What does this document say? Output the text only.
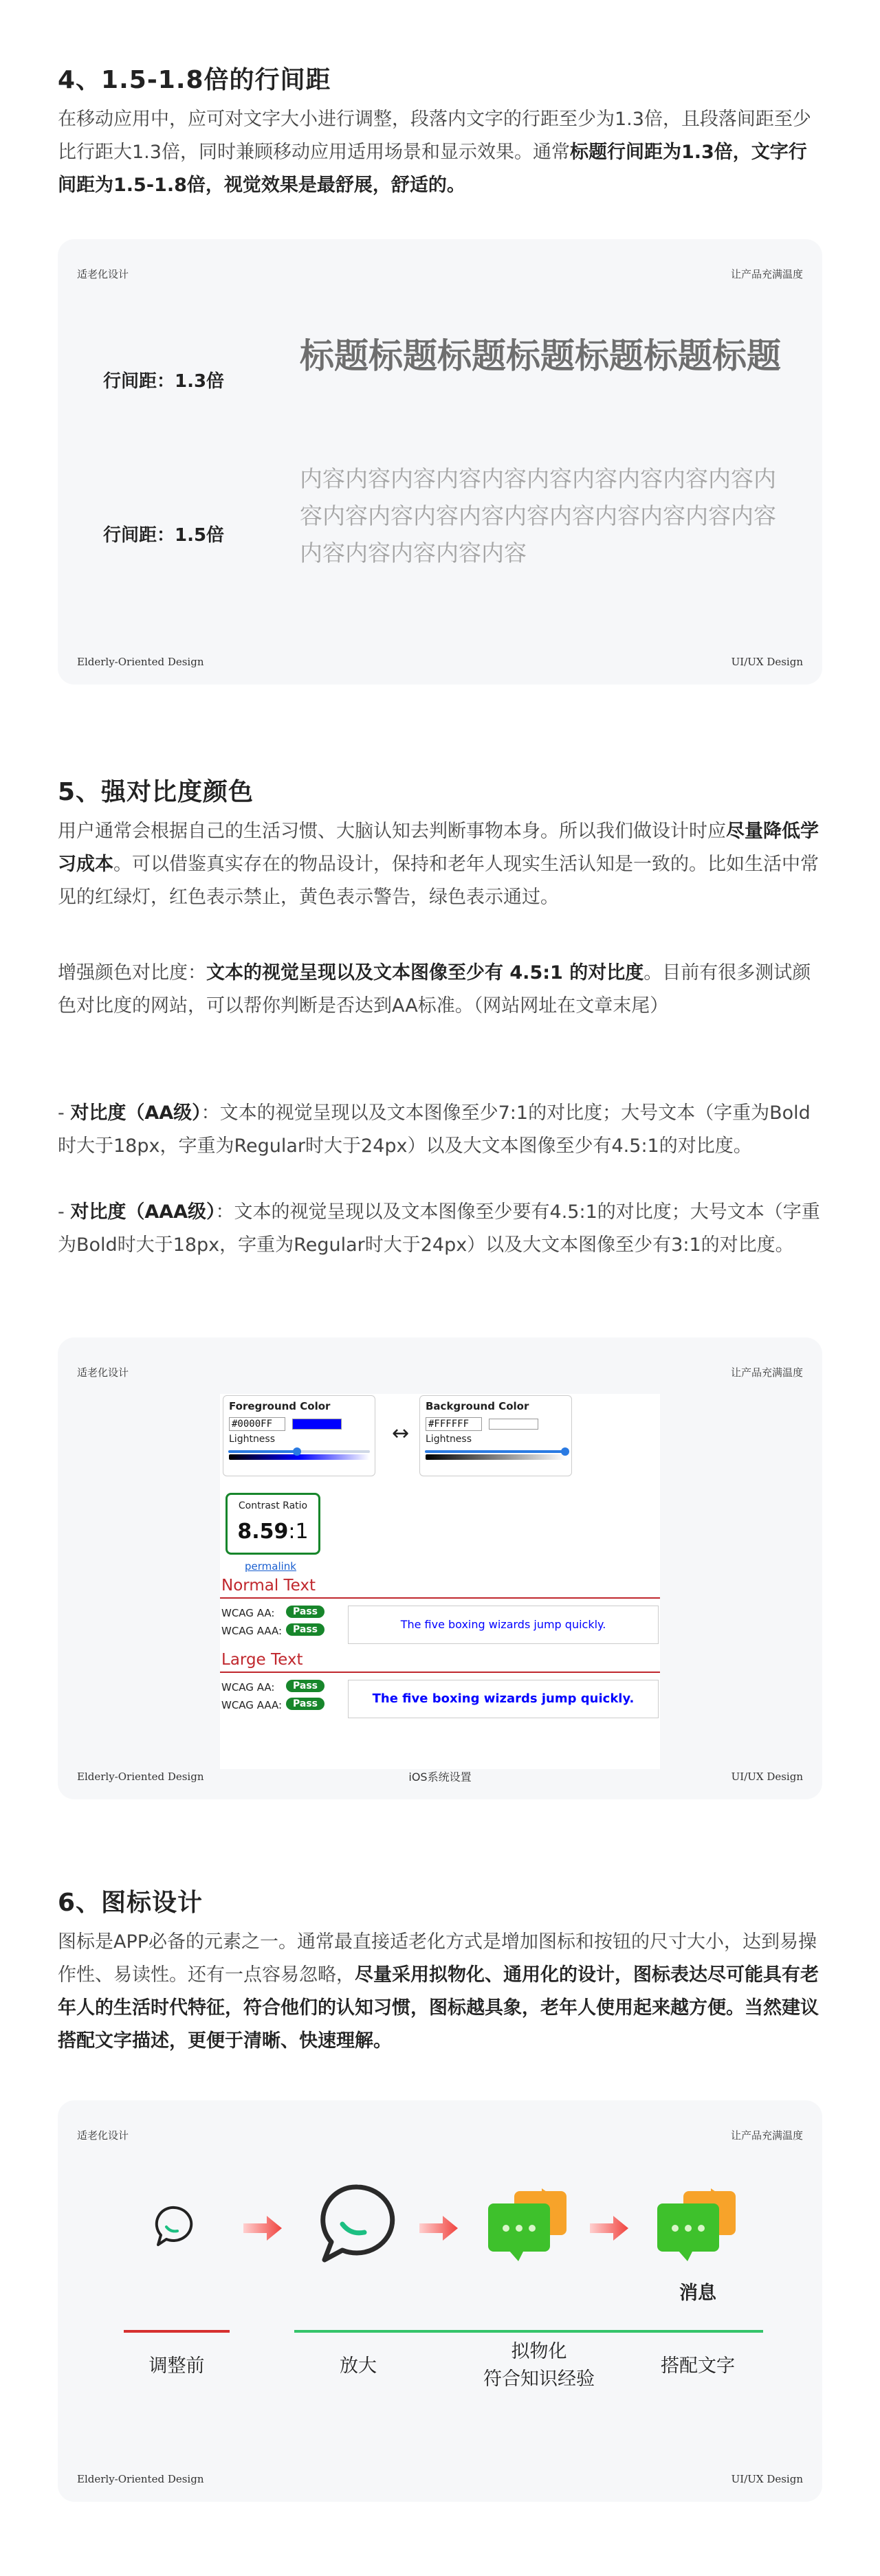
4、1.5-1.8倍的行间距

在移动应用中，应可对文字大小进行调整，段落内文字的行距至少为1.3倍，且段落间距至少比行距大1.3倍，同时兼顾移动应用适用场景和显示效果。通常标题行间距为1.3倍，文字行间距为1.5-1.8倍，视觉效果是最舒展，舒适的。

适老化设计	让产品充满温度
行间距：1.3倍
标题标题标题标题标题标题标题
行间距：1.5倍
内容内容内容内容内容内容内容内容内容内容内容内容内容内容内容内容内容内容内容内容内容内容内容内容内容内容
Elderly-Oriented Design	UI/UX Design
5、强对比度颜色

用户通常会根据自己的生活习惯、大脑认知去判断事物本身。所以我们做设计时应尽量降低学习成本。可以借鉴真实存在的物品设计，保持和老年人现实生活认知是一致的。比如生活中常见的红绿灯，红色表示禁止，黄色表示警告，绿色表示通过。

增强颜色对比度：文本的视觉呈现以及文本图像至少有 4.5:1 的对比度。目前有很多测试颜色对比度的网站，可以帮你判断是否达到AA标准。（网站网址在文章末尾）

- 对比度（AA级）：文本的视觉呈现以及文本图像至少7:1的对比度；大号文本（字重为Bold时大于18px，字重为Regular时大于24px）以及大文本图像至少有4.5:1的对比度。

- 对比度（AAA级）：文本的视觉呈现以及文本图像至少要有4.5:1的对比度；大号文本（字重为Bold时大于18px，字重为Regular时大于24px）以及大文本图像至少有3:1的对比度。

适老化设计	让产品充满温度
Foreground Color
#0000FF
Lightness	↔
Background Color
#FFFFFF
Lightness
Contrast Ratio
8.59:1
permalink
Normal Text
WCAG AA:	Pass
WCAG AAA:	Pass	The five boxing wizards jump quickly.
Large Text
WCAG AA:	Pass
WCAG AAA:	Pass	The five boxing wizards jump quickly.
Elderly-Oriented Design	iOS系统设置	UI/UX Design
6、图标设计

图标是APP必备的元素之一。通常最直接适老化方式是增加图标和按钮的尺寸大小，达到易操作性、易读性。还有一点容易忽略，尽量采用拟物化、通用化的设计，图标表达尽可能具有老年人的生活时代特征，符合他们的认知习惯，图标越具象，老年人使用起来越方便。当然建议搭配文字描述，更便于清晰、快速理解。

适老化设计	让产品充满温度
消息
调整前	放大
拟物化
符合知识经验
搭配文字
Elderly-Oriented Design	UI/UX Design
